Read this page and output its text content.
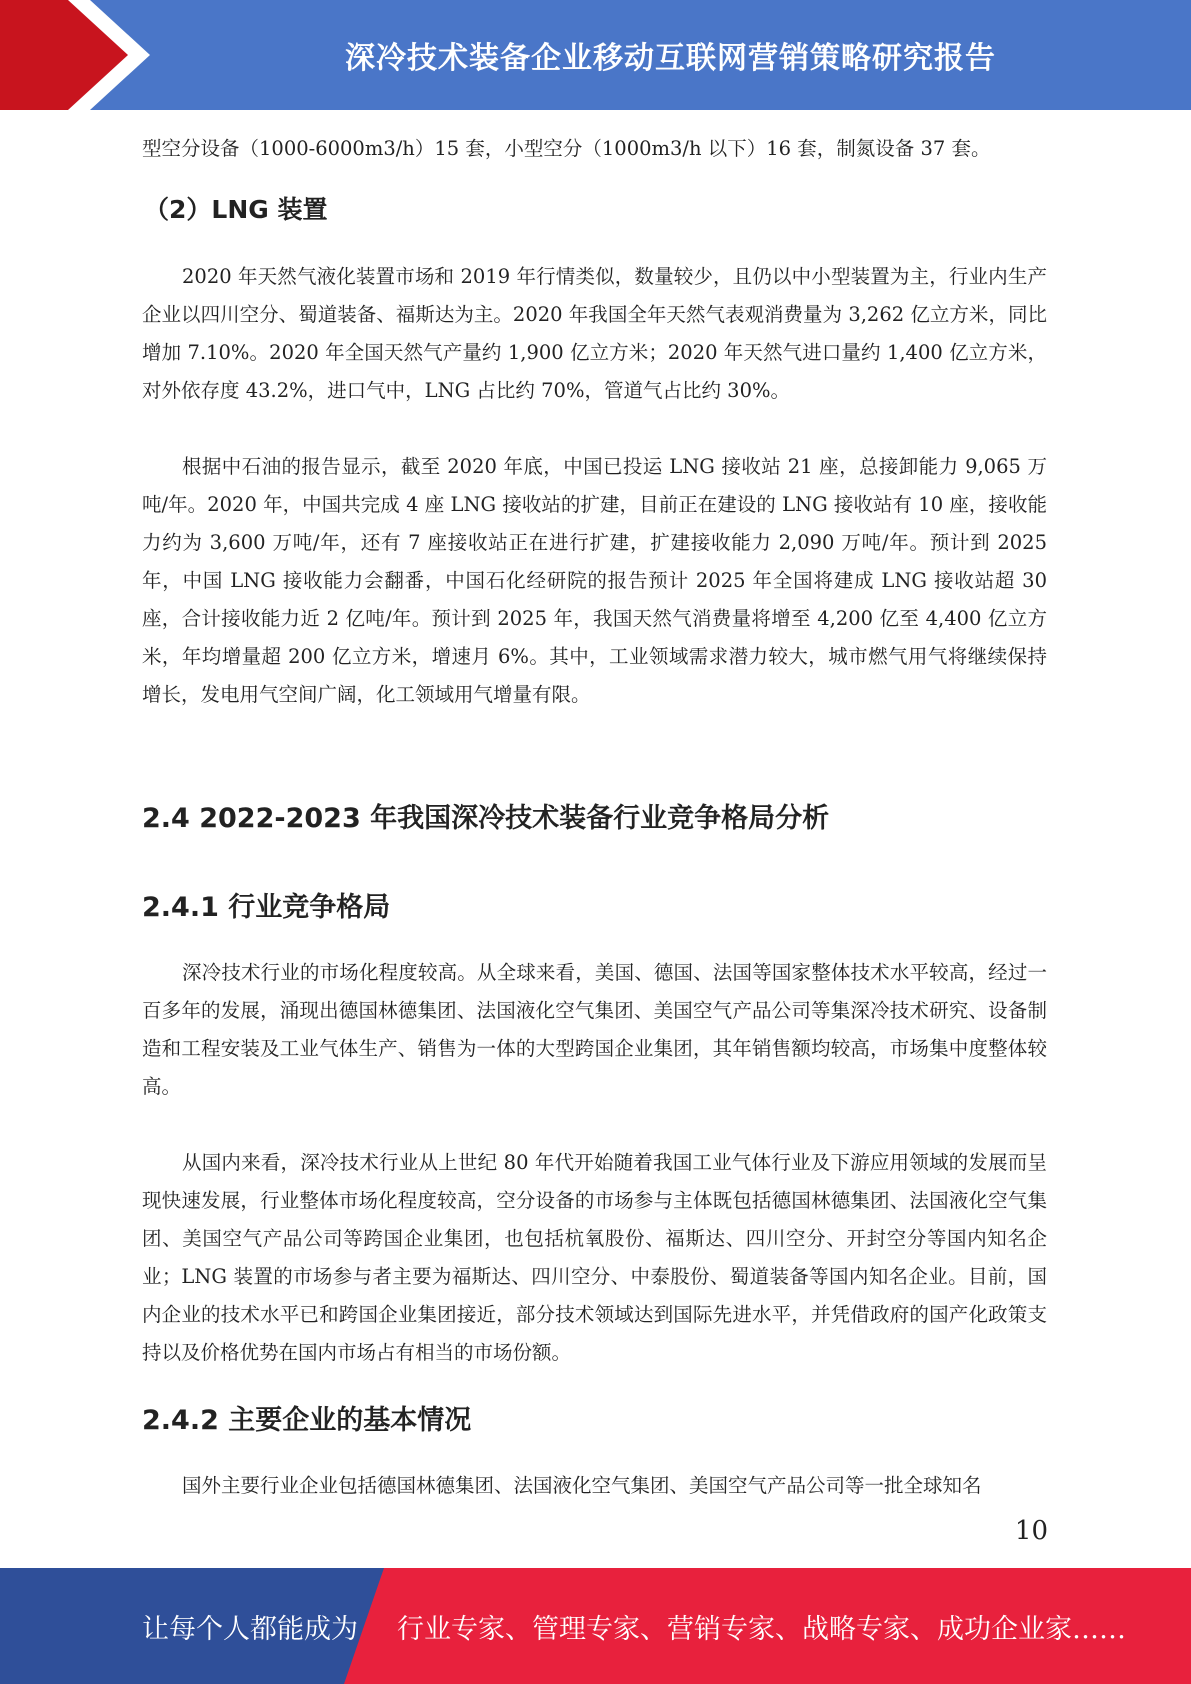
深冷技术装备企业移动互联网营销策略研究报告

型空分设备（1000-6000m3/h）15 套，小型空分（1000m3/h 以下）16 套，制氮设备 37 套。

（2）LNG 装置

2020 年天然气液化装置市场和 2019 年行情类似，数量较少，且仍以中小型装置为主，行业内生产企业以四川空分、蜀道装备、福斯达为主。2020 年我国全年天然气表观消费量为 3,262 亿立方米，同比增加 7.10%。2020 年全国天然气产量约 1,900 亿立方米；2020 年天然气进口量约 1,400 亿立方米，对外依存度 43.2%，进口气中，LNG 占比约 70%，管道气占比约 30%。

根据中石油的报告显示，截至 2020 年底，中国已投运 LNG 接收站 21 座，总接卸能力 9,065 万吨/年。2020 年，中国共完成 4 座 LNG 接收站的扩建，目前正在建设的 LNG 接收站有 10 座，接收能力约为 3,600 万吨/年，还有 7 座接收站正在进行扩建，扩建接收能力 2,090 万吨/年。预计到 2025 年，中国 LNG 接收能力会翻番，中国石化经研院的报告预计 2025 年全国将建成 LNG 接收站超 30 座，合计接收能力近 2 亿吨/年。预计到 2025 年，我国天然气消费量将增至 4,200 亿至 4,400 亿立方米，年均增量超 200 亿立方米，增速月 6%。其中，工业领域需求潜力较大，城市燃气用气将继续保持增长，发电用气空间广阔，化工领域用气增量有限。

2.4 2022-2023 年我国深冷技术装备行业竞争格局分析
2.4.1 行业竞争格局

深冷技术行业的市场化程度较高。从全球来看，美国、德国、法国等国家整体技术水平较高，经过一百多年的发展，涌现出德国林德集团、法国液化空气集团、美国空气产品公司等集深冷技术研究、设备制造和工程安装及工业气体生产、销售为一体的大型跨国企业集团，其年销售额均较高，市场集中度整体较高。

从国内来看，深冷技术行业从上世纪 80 年代开始随着我国工业气体行业及下游应用领域的发展而呈现快速发展，行业整体市场化程度较高，空分设备的市场参与主体既包括德国林德集团、法国液化空气集团、美国空气产品公司等跨国企业集团，也包括杭氧股份、福斯达、四川空分、开封空分等国内知名企业；LNG 装置的市场参与者主要为福斯达、四川空分、中泰股份、蜀道装备等国内知名企业。目前，国内企业的技术水平已和跨国企业集团接近，部分技术领域达到国际先进水平，并凭借政府的国产化政策支持以及价格优势在国内市场占有相当的市场份额。

2.4.2 主要企业的基本情况

国外主要行业企业包括德国林德集团、法国液化空气集团、美国空气产品公司等一批全球知名

10
让每个人都能成为 行业专家、管理专家、营销专家、战略专家、成功企业家……
